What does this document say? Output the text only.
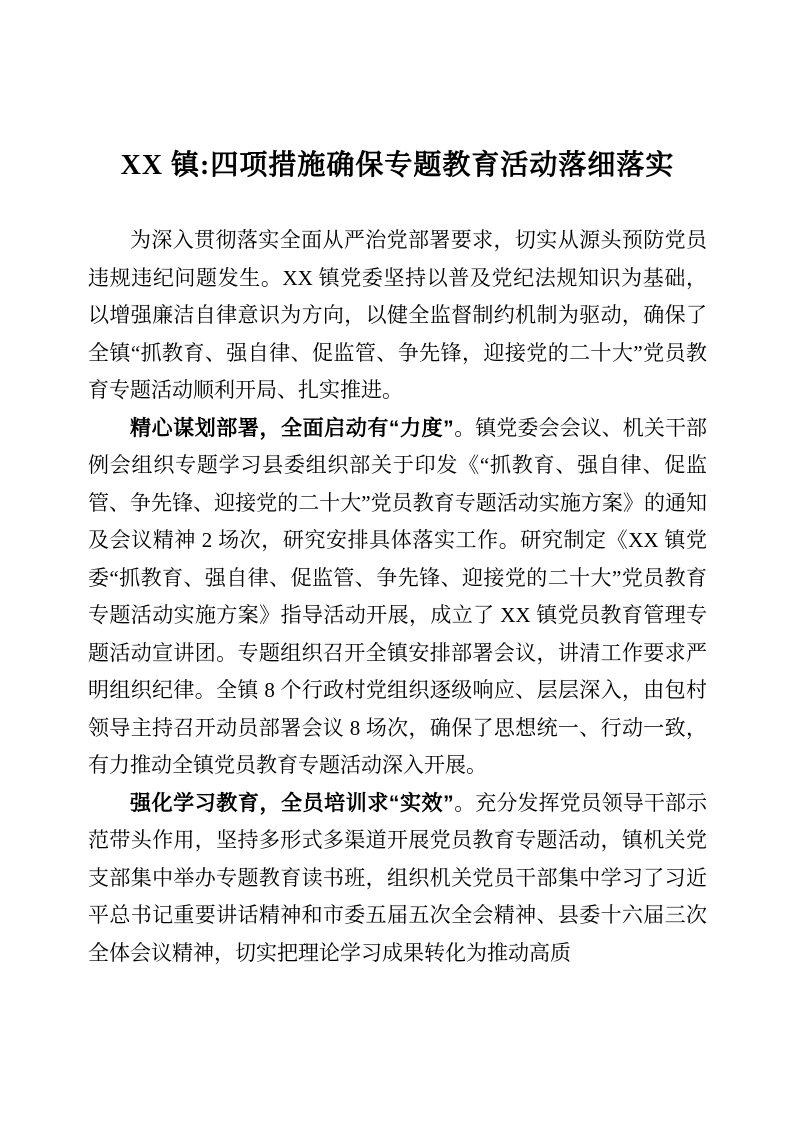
XX 镇:四项措施确保专题教育活动落细落实

为深入贯彻落实全面从严治党部署要求，切实从源头预防党员违规违纪问题发生。XX 镇党委坚持以普及党纪法规知识为基础，以增强廉洁自律意识为方向，以健全监督制约机制为驱动，确保了全镇“抓教育、强自律、促监管、争先锋，迎接党的二十大”党员教育专题活动顺利开局、扎实推进。

精心谋划部署，全面启动有“力度”。镇党委会会议、机关干部例会组织专题学习县委组织部关于印发《“抓教育、强自律、促监管、争先锋、迎接党的二十大”党员教育专题活动实施方案》的通知及会议精神 2 场次，研究安排具体落实工作。研究制定《XX 镇党委“抓教育、强自律、促监管、争先锋、迎接党的二十大”党员教育专题活动实施方案》指导活动开展，成立了 XX 镇党员教育管理专题活动宣讲团。专题组织召开全镇安排部署会议，讲清工作要求严明组织纪律。全镇 8 个行政村党组织逐级响应、层层深入，由包村领导主持召开动员部署会议 8 场次，确保了思想统一、行动一致，有力推动全镇党员教育专题活动深入开展。

强化学习教育，全员培训求“实效”。充分发挥党员领导干部示范带头作用，坚持多形式多渠道开展党员教育专题活动，镇机关党支部集中举办专题教育读书班，组织机关党员干部集中学习了习近平总书记重要讲话精神和市委五届五次全会精神、县委十六届三次全体会议精神，切实把理论学习成果转化为推动高质
